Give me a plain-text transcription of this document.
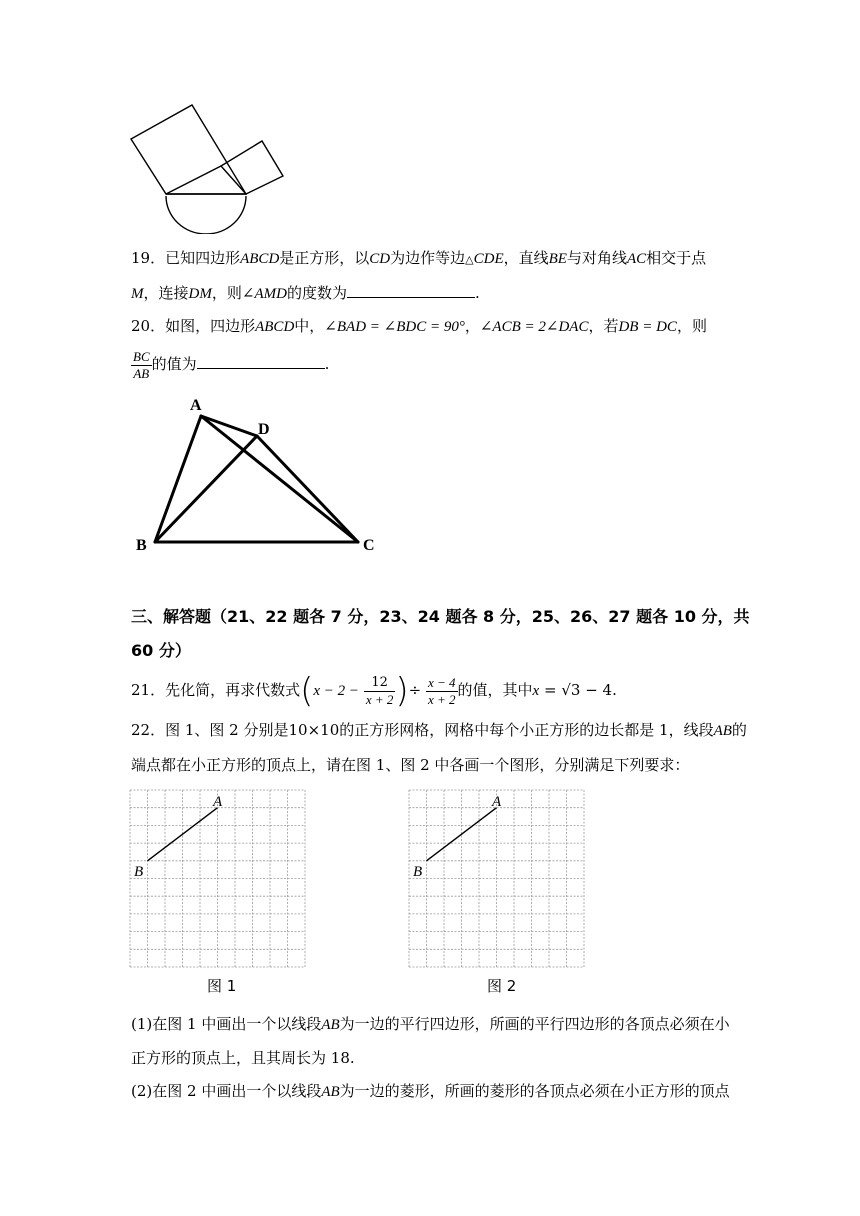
19．已知四边形ABCD是正方形，以CD为边作等边△CDE，直线BE与对角线AC相交于点
M，连接DM，则∠AMD的度数为	.
20．如图，四边形ABCD中，∠BAD = ∠BDC = 90°，∠ACB = 2∠DAC，若DB = DC，则
$\frac{BC}{AB}$ 的值为	.
A
D
B	C
三、解答题（21、22 题各 7 分，23、24 题各 8 分，25、26、27 题各 10 分，共
60 分）
21．先化简，再求代数式($x - 2 - \frac{12}{x + 2}$ )÷ $\frac{x - 4}{x + 2}$ 的值，其中x = √3 − 4.
22．图 1、图 2 分别是10×10的正方形网格，网格中每个小正方形的边长都是 1，线段AB的
端点都在小正方形的顶点上，请在图 1、图 2 中各画一个图形，分别满足下列要求：
A
B
图 1
A
B
图 2
(1)在图 1 中画出一个以线段AB为一边的平行四边形，所画的平行四边形的各顶点必须在小
正方形的顶点上，且其周长为 18.
(2)在图 2 中画出一个以线段AB为一边的菱形，所画的菱形的各顶点必须在小正方形的顶点
